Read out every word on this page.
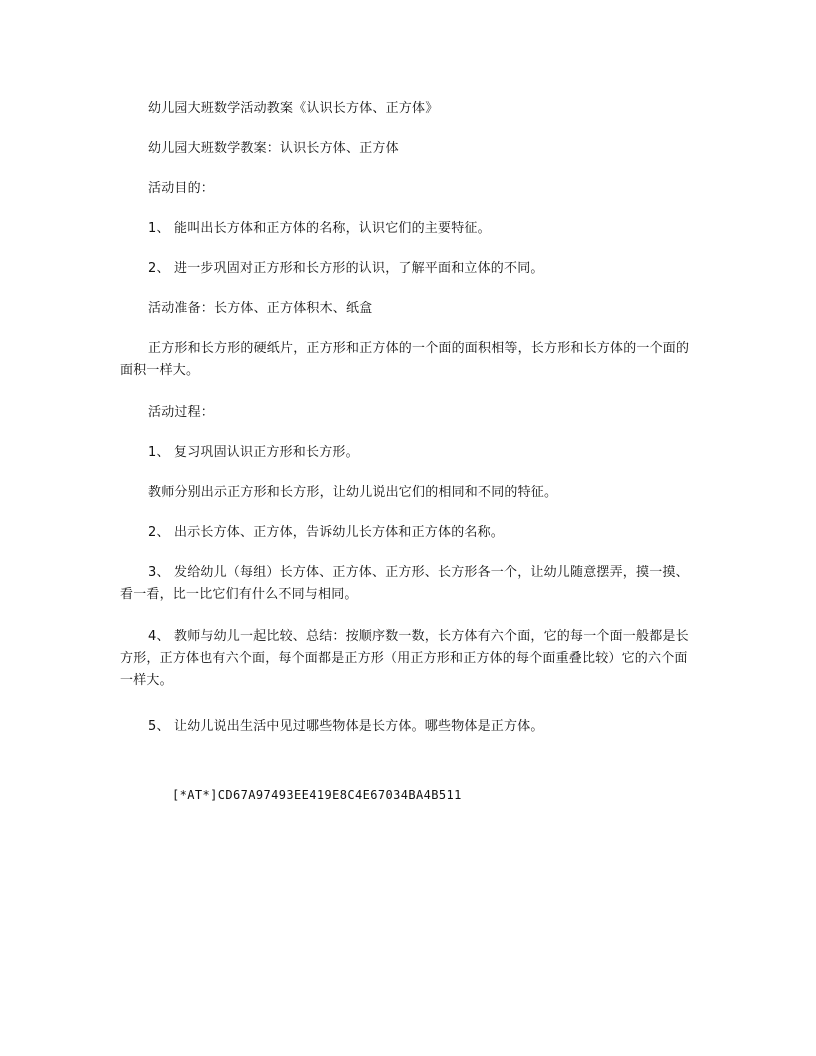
幼儿园大班数学活动教案《认识长方体、正方体》
幼儿园大班数学教案：认识长方体、正方体
活动目的：
1、 能叫出长方体和正方体的名称，认识它们的主要特征。
2、 进一步巩固对正方形和长方形的认识，了解平面和立体的不同。
活动准备：长方体、正方体积木、纸盒
正方形和长方形的硬纸片，正方形和正方体的一个面的面积相等，长方形和长方体的一个面的面积一样大。
活动过程：
1、 复习巩固认识正方形和长方形。
教师分别出示正方形和长方形，让幼儿说出它们的相同和不同的特征。
2、 出示长方体、正方体，告诉幼儿长方体和正方体的名称。
3、 发给幼儿（每组）长方体、正方体、正方形、长方形各一个，让幼儿随意摆弄，摸一摸、看一看，比一比它们有什么不同与相同。
4、 教师与幼儿一起比较、总结：按顺序数一数，长方体有六个面，它的每一个面一般都是长方形，正方体也有六个面，每个面都是正方形（用正方形和正方体的每个面重叠比较）它的六个面一样大。
5、 让幼儿说出生活中见过哪些物体是长方体。哪些物体是正方体。
[*AT*]CD67A97493EE419E8C4E67034BA4B511
